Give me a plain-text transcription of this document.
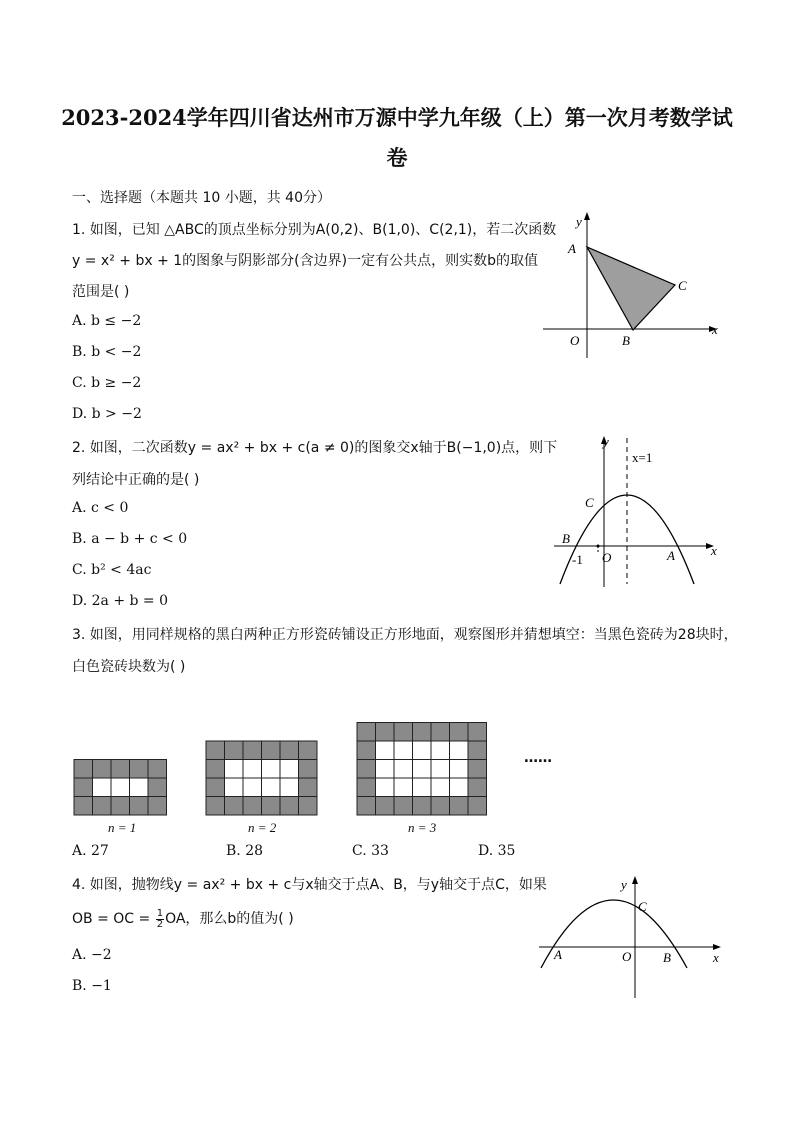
2023-2024学年四川省达州市万源中学九年级（上）第一次月考数学试
卷
一、选择题（本题共 10 小题，共 40分）
1. 如图，已知 △ABC的顶点坐标分别为A(0,2)、B(1,0)、C(2,1)，若二次函数
y = x² + bx + 1的图象与阴影部分(含边界)一定有公共点，则实数b的取值
范围是( )
A. b ≤ −2
B. b < −2
C. b ≥ −2
D. b > −2
y
x
A
C
B
O
2. 如图，二次函数y = ax² + bx + c(a ≠ 0)的图象交x轴于B(−1,0)点，则下
列结论中正确的是( )
A. c < 0
B. a − b + c < 0
C. b² < 4ac
D. 2a + b = 0
y
x
x=1
C
B
O	A
-1
3. 如图，用同样规格的黑白两种正方形瓷砖铺设正方形地面，观察图形并猜想填空：当黑色瓷砖为28块时，
白色瓷砖块数为( )
n = 1	n = 2	n = 3
……
A. 27	B. 28	C. 33	D. 35
4. 如图，抛物线y = ax² + bx + c与x轴交于点A、B，与y轴交于点C，如果
OB = OC = $\frac{1}{2}$ OA，那么b的值为( )
A. −2
B. −1
y
x
C
A	O B
